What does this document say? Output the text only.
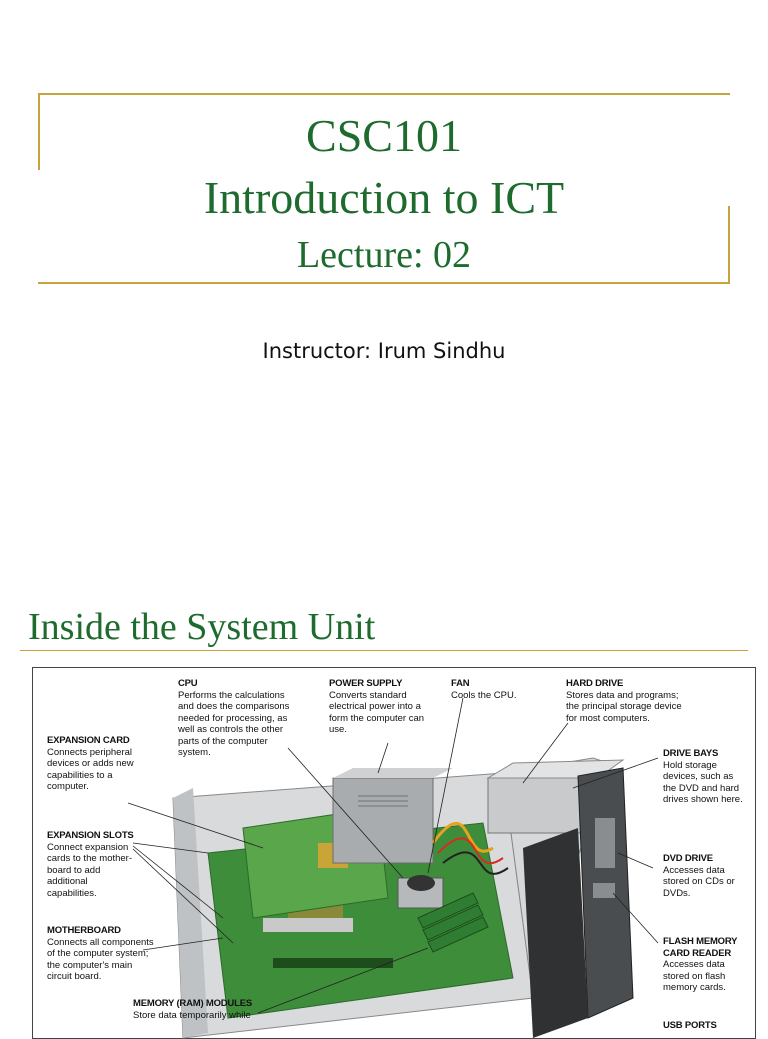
CSC101
Introduction to ICT
Lecture: 02
Instructor: Irum Sindhu
Inside the System Unit
CPU
Performs the calculations and does the comparisons needed for processing, as well as controls the other parts of the computer system.
POWER SUPPLY
Converts standard electrical power into a form the computer can use.
FAN
Cools the CPU.
HARD DRIVE
Stores data and programs; the principal storage device for most computers.
EXPANSION CARD
Connects peripheral devices or adds new capabilities to a computer.
DRIVE BAYS
Hold storage devices, such as the DVD and hard drives shown here.
EXPANSION SLOTS
Connect expansion cards to the mother-board to add additional capabilities.
DVD DRIVE
Accesses data stored on CDs or DVDs.
MOTHERBOARD
Connects all components of the computer system; the computer's main circuit board.
FLASH MEMORY CARD READER
Accesses data stored on flash memory cards.
MEMORY (RAM) MODULES
Store data temporarily while
USB PORTS
